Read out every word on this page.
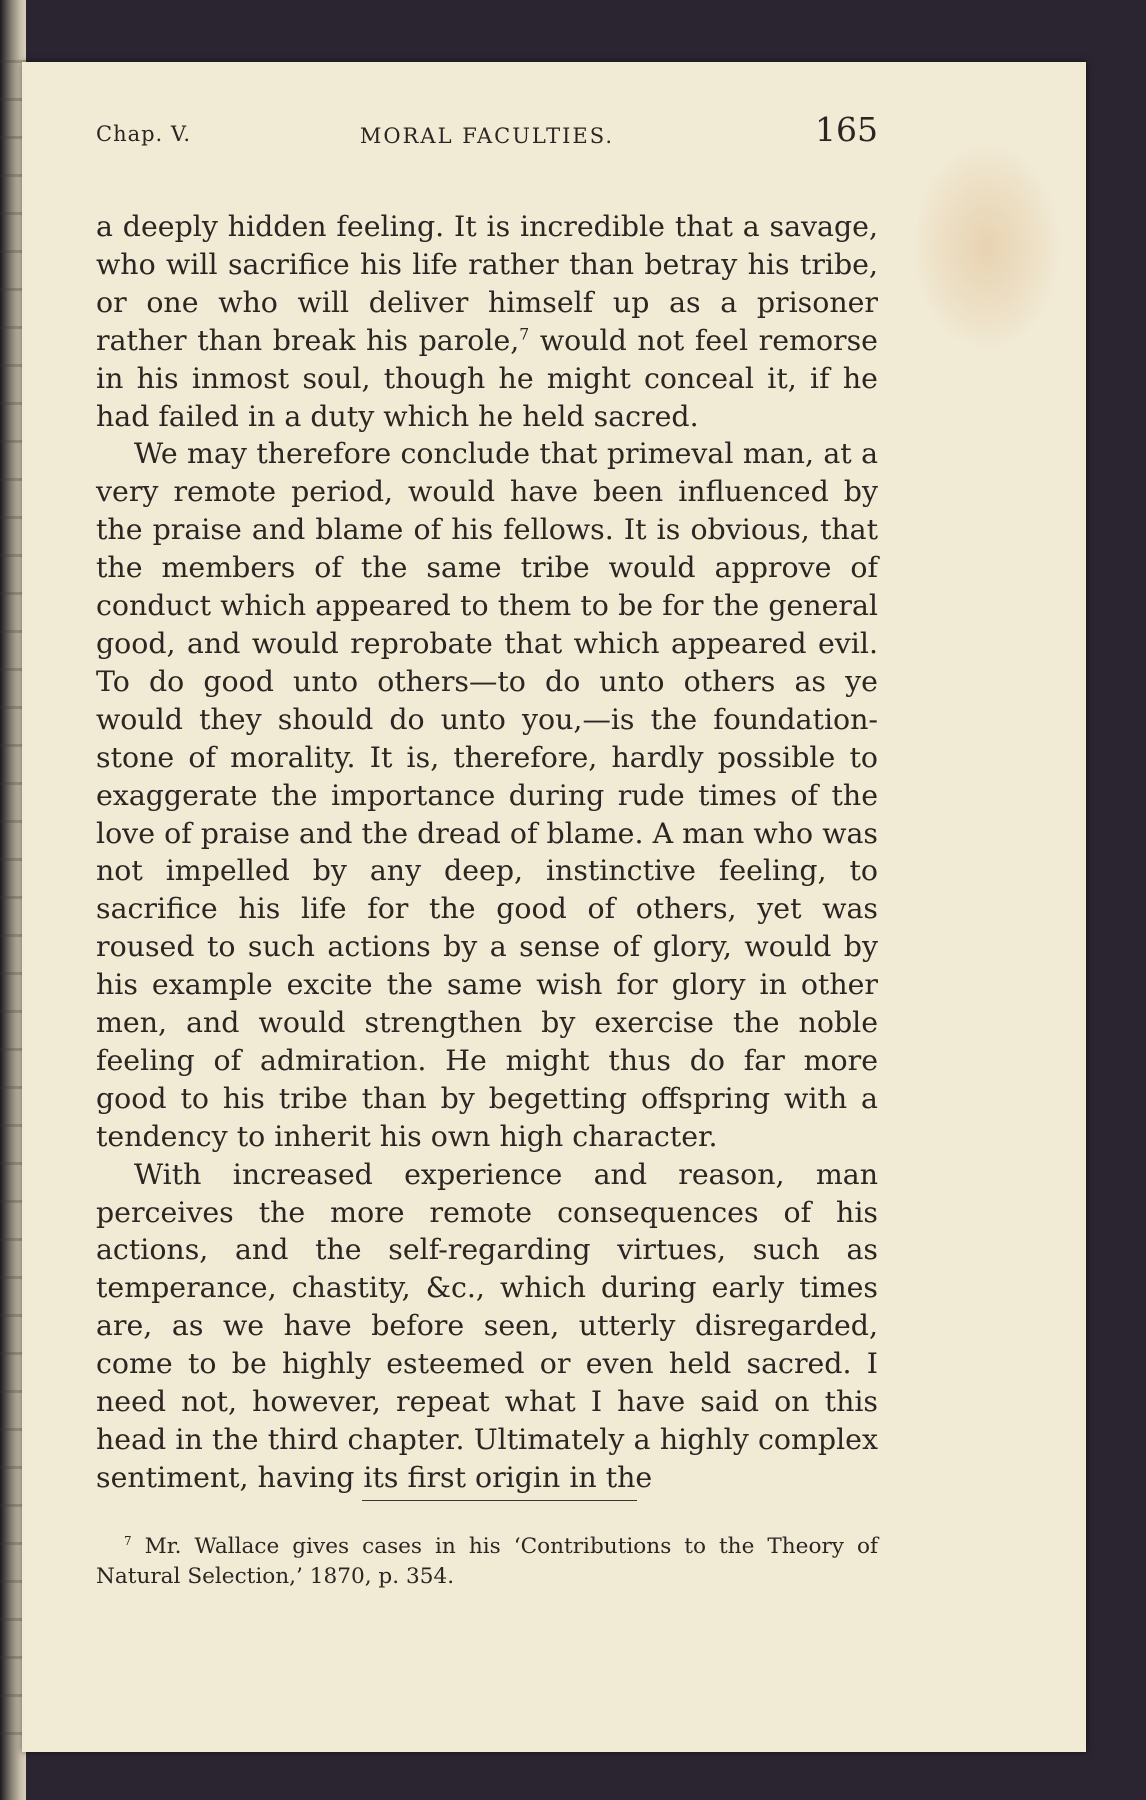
Chap. V.	MORAL FACULTIES.	165

a deeply hidden feeling. It is incredible that a savage, who will sacrifice his life rather than betray his tribe, or one who will deliver himself up as a prisoner rather than break his parole,$^7$ would not feel remorse in his inmost soul, though he might conceal it, if he had failed in a duty which he held sacred.

We may therefore conclude that primeval man, at a very remote period, would have been influenced by the praise and blame of his fellows. It is obvious, that the members of the same tribe would approve of conduct which appeared to them to be for the general good, and would reprobate that which appeared evil. To do good unto others—to do unto others as ye would they should do unto you,—is the foundation-stone of morality. It is, therefore, hardly possible to exaggerate the importance during rude times of the love of praise and the dread of blame. A man who was not impelled by any deep, instinctive feeling, to sacrifice his life for the good of others, yet was roused to such actions by a sense of glory, would by his example excite the same wish for glory in other men, and would strengthen by exercise the noble feeling of admiration. He might thus do far more good to his tribe than by begetting offspring with a tendency to inherit his own high character.

With increased experience and reason, man perceives the more remote consequences of his actions, and the self-regarding virtues, such as temperance, chastity, &c., which during early times are, as we have before seen, utterly disregarded, come to be highly esteemed or even held sacred. I need not, however, repeat what I have said on this head in the third chapter. Ultimately a highly complex sentiment, having its first origin in the

$^7$ Mr. Wallace gives cases in his ‘Contributions to the Theory of Natural Selection,’ 1870, p. 354.
